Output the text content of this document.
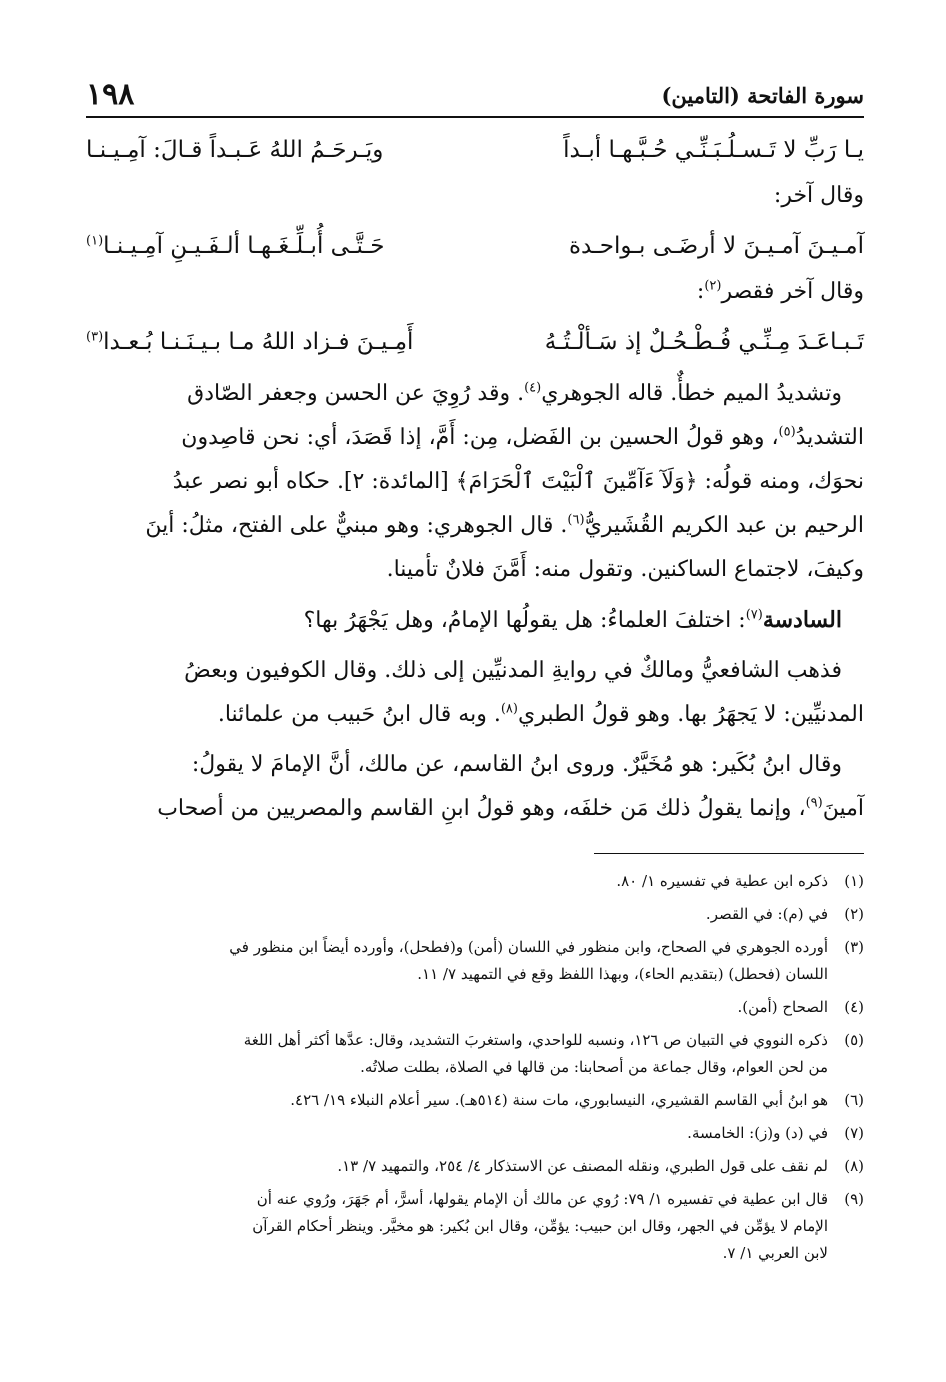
سورة الفاتحة (التامين)
١٩٨
يـا رَبِّ لا تَـسـلُـبَـنِّـي حُـبَّـهـا أبـداً
ويَـرحَـمُ اللهُ عَـبـداً قـالَ: آمِـيـنـا
وقال آخر:
آمـيـنَ آمـيـنَ لا أرضَـى بـواحـدة
حَـتَّـى أُبـلِّـغَـهـا ألـفَـيـنِ آمِـيـنـا$^{(١)}$
وقال آخر فقصر$^{(٢)}$:
تَـبـاعَـدَ مِـنِّـي فُـطْـحُـلٌ إذ سَـألْـتُـهُ
أَمِـيـنَ فـزاد اللهُ مـا بـيـنَـنـا بُـعـدا$^{(٣)}$
 وتشديدُ الميم خطأٌ. قاله الجوهري$^{(٤)}$. وقد رُوِيَ عن الحسن وجعفر الصّادق
التشديدُ$^{(٥)}$، وهو قولُ الحسين بن الفَضل، مِن: أَمَّ، إذا قَصَدَ، أي: نحن قاصِدون
نحوَك، ومنه قولُه: ﴿وَلَآ ءَآمِّينَ ٱلْبَيْتَ ٱلْحَرَامَ﴾ [المائدة: ٢]. حكاه أبو نصر عبدُ
الرحيم بن عبد الكريم القُشَيريُّ$^{(٦)}$. قال الجوهري: وهو مبنيٌّ على الفتح، مثلُ: أينَ
وكيفَ، لاجتماع الساكنين. وتقول منه: أَمَّنَ فلانٌ تأمينا.
 السادسة$^{(٧)}$: اختلفَ العلماءُ: هل يقولُها الإمامُ، وهل يَجْهَرُ بها؟
 فذهب الشافعيُّ ومالكٌ في روايةِ المدنيِّين إلى ذلك. وقال الكوفيون وبعضُ
المدنيِّين: لا يَجهَرُ بها. وهو قولُ الطبري$^{(٨)}$. وبه قال ابنُ حَبيب من علمائنا.
 وقال ابنُ بُكَير: هو مُخَيَّرٌ. وروى ابنُ القاسم، عن مالك، أنَّ الإمامَ لا يقولُ:
آمينَ$^{(٩)}$، وإنما يقولُ ذلك مَن خلفَه، وهو قولُ ابنِ القاسم والمصريين من أصحاب
(١)
ذكره ابن عطية في تفسيره ١/ ٨٠.
(٢)
في (م): في القصر.
(٣)
أورده الجوهري في الصحاح، وابن منظور في اللسان (أمن) و(فطحل)، وأورده أيضاً ابن منظور في
اللسان (فحطل) (بتقديم الحاء)، وبهذا اللفظ وقع في التمهيد ٧/ ١١.
(٤)
الصحاح (أمن).
(٥)
ذكره النووي في التبيان ص ١٢٦، ونسبه للواحدي، واستغربَ التشديد، وقال: عدَّها أكثر أهل اللغة
من لحن العوام، وقال جماعة من أصحابنا: من قالها في الصلاة، بطلت صلاتُه.
(٦)
هو ابنُ أبي القاسم القشيري، النيسابوري، مات سنة (٥١٤هـ). سير أعلام النبلاء ١٩/ ٤٢٦.
(٧)
في (د) و(ز): الخامسة.
(٨)
لم نقف على قول الطبري، ونقله المصنف عن الاستذكار ٤/ ٢٥٤، والتمهيد ٧/ ١٣.
(٩)
قال ابن عطية في تفسيره ١/ ٧٩: رُوي عن مالك أن الإمام يقولها، أسرًّ، أم جَهَرَ، ورُوي عنه أن
الإمام لا يؤمِّن في الجهر، وقال ابن حبيب: يؤمِّن، وقال ابن بُكير: هو مخيَّر. وينظر أحكام القرآن
لابن العربي ١/ ٧.
